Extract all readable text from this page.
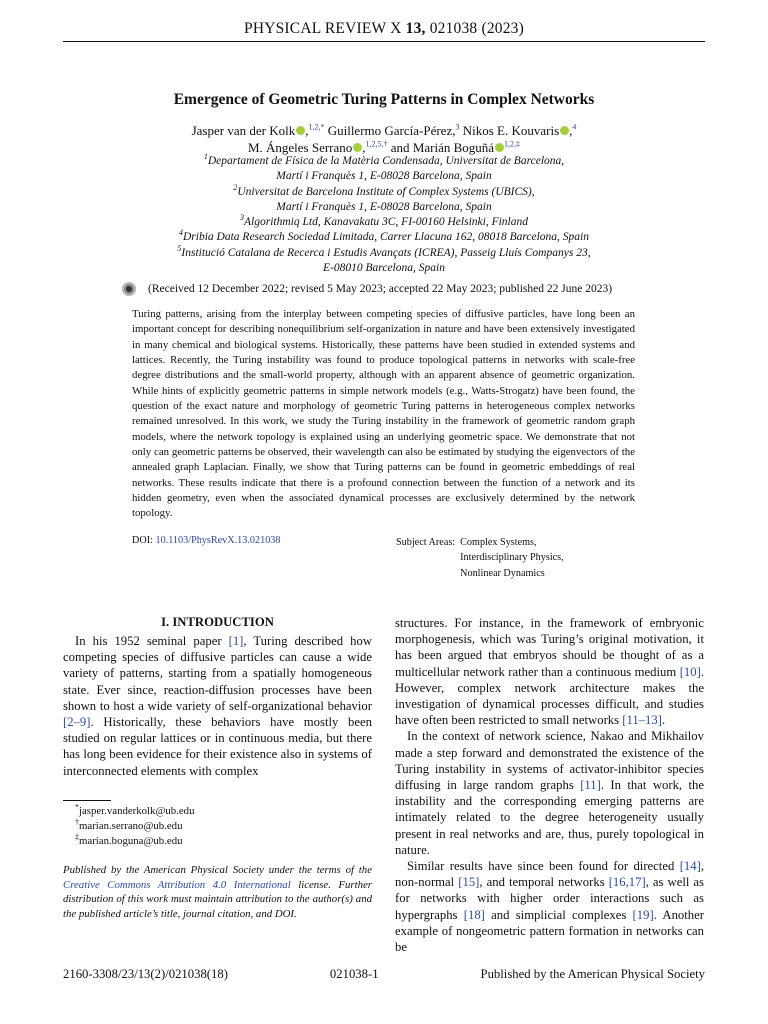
PHYSICAL REVIEW X 13, 021038 (2023)
Emergence of Geometric Turing Patterns in Complex Networks
Jasper van der Kolk ,$^{1,2,*}$ Guillermo García-Pérez,$^3$ Nikos E. Kouvaris ,$^4$
M. Ángeles Serrano ,$^{1,2,5,\dagger}$ and Marián Boguñá $^{1,2,\ddagger}$
$^1$Departament de Física de la Matèria Condensada, Universitat de Barcelona,
Martí i Franquès 1, E-08028 Barcelona, Spain
$^2$Universitat de Barcelona Institute of Complex Systems (UBICS),
Martí i Franquès 1, E-08028 Barcelona, Spain
$^3$Algorithmiq Ltd, Kanavakatu 3C, FI-00160 Helsinki, Finland
$^4$Dribia Data Research Sociedad Limitada, Carrer Llacuna 162, 08018 Barcelona, Spain
$^5$Institució Catalana de Recerca i Estudis Avançats (ICREA), Passeig Lluís Companys 23,
E-08010 Barcelona, Spain
(Received 12 December 2022; revised 5 May 2023; accepted 22 May 2023; published 22 June 2023)
Turing patterns, arising from the interplay between competing species of diffusive particles, have long been an important concept for describing nonequilibrium self-organization in nature and have been extensively investigated in many chemical and biological systems. Historically, these patterns have been studied in extended systems and lattices. Recently, the Turing instability was found to produce topological patterns in networks with scale-free degree distributions and the small-world property, although with an apparent absence of geometric organization. While hints of explicitly geometric patterns in simple network models (e.g., Watts-Strogatz) have been found, the question of the exact nature and morphology of geometric Turing patterns in heterogeneous complex networks remained unresolved. In this work, we study the Turing instability in the framework of geometric random graph models, where the network topology is explained using an underlying geometric space. We demonstrate that not only can geometric patterns be observed, their wavelength can also be estimated by studying the eigenvectors of the annealed graph Laplacian. Finally, we show that Turing patterns can be found in geometric embeddings of real networks. These results indicate that there is a profound connection between the function of a network and its hidden geometry, even when the associated dynamical processes are exclusively determined by the network topology.
DOI: 10.1103/PhysRevX.13.021038	Subject Areas: Complex Systems,
Interdisciplinary Physics,
Nonlinear Dynamics
I. INTRODUCTION

In his 1952 seminal paper [1], Turing described how competing species of diffusive particles can cause a wide variety of patterns, starting from a spatially homogeneous state. Ever since, reaction-diffusion processes have been shown to host a wide variety of self-organizational behavior [2–9]. Historically, these behaviors have mostly been studied on regular lattices or in continuous media, but there has long been evidence for their existence also in systems of interconnected elements with complex

*jasper.vanderkolk@ub.edu
†marian.serrano@ub.edu
‡marian.boguna@ub.edu
Published by the American Physical Society under the terms of the Creative Commons Attribution 4.0 International license. Further distribution of this work must maintain attribution to the author(s) and the published article’s title, journal citation, and DOI.

structures. For instance, in the framework of embryonic morphogenesis, which was Turing’s original motivation, it has been argued that embryos should be thought of as a multicellular network rather than a continuous medium [10]. However, complex network architecture makes the investigation of dynamical processes difficult, and studies have often been restricted to small networks [11–13].

In the context of network science, Nakao and Mikhailov made a step forward and demonstrated the existence of the Turing instability in systems of activator-inhibitor species diffusing in large random graphs [11]. In that work, the instability and the corresponding emerging patterns are intimately related to the degree heterogeneity usually present in real networks and are, thus, purely topological in nature.

Similar results have since been found for directed [14], non-normal [15], and temporal networks [16,17], as well as for networks with higher order interactions such as hypergraphs [18] and simplicial complexes [19]. Another example of nongeometric pattern formation in networks can be

2160-3308/23/13(2)/021038(18)	021038-1	Published by the American Physical Society
